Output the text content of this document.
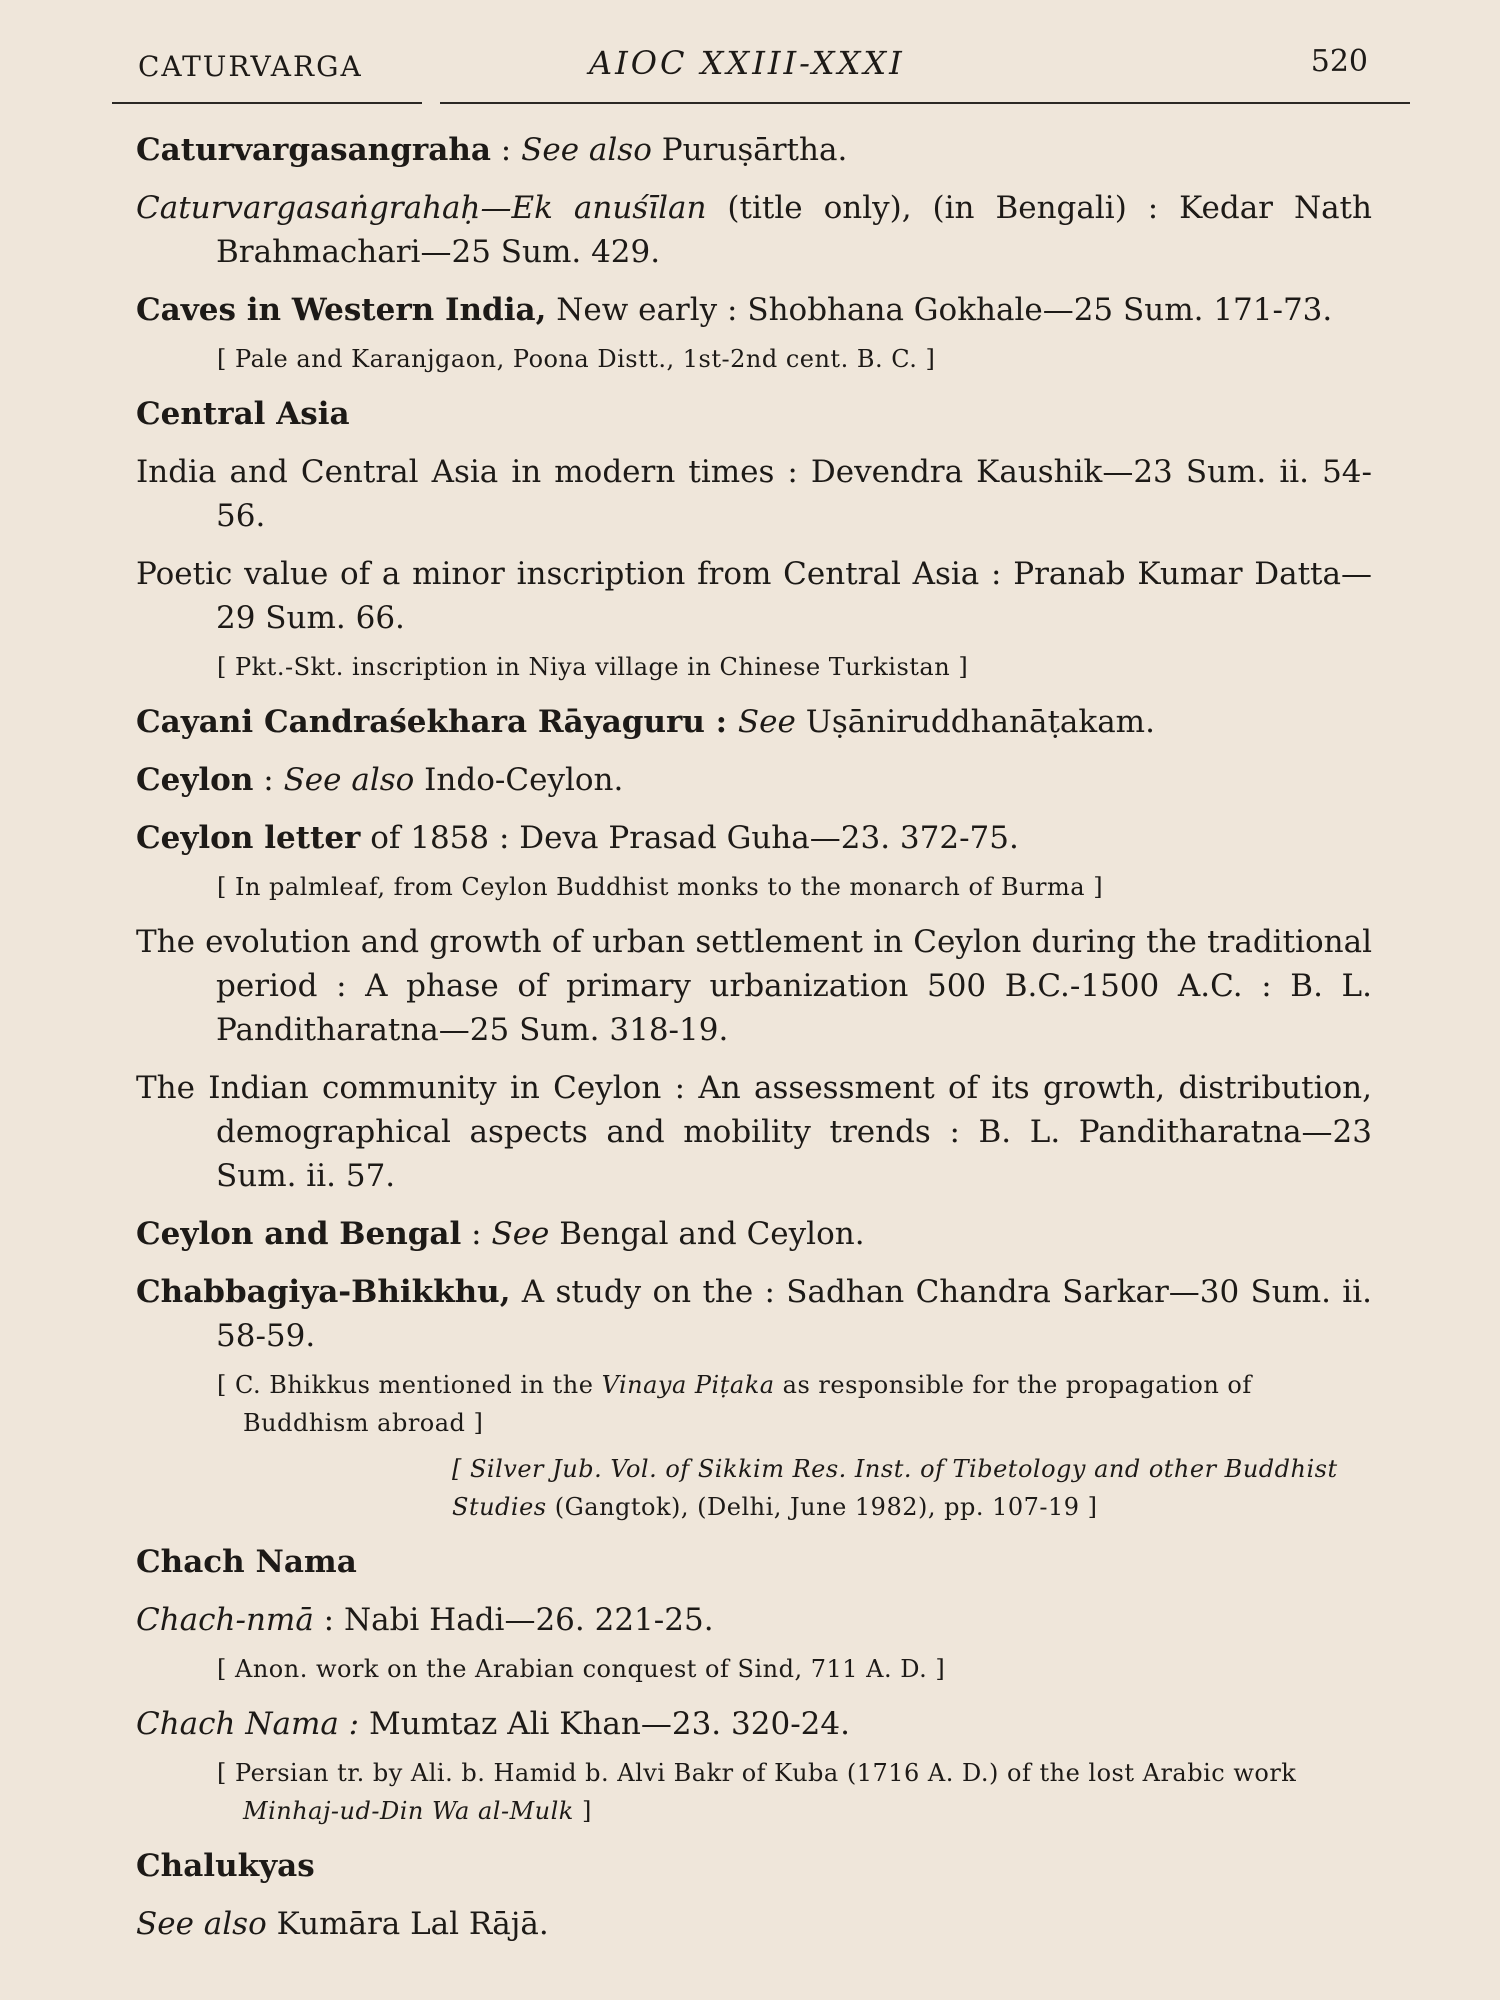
CATURVARGA	AIOC XXIII-XXXI	520
Caturvargasangraha : See also Puruṣārtha.
Caturvargasaṅgrahaḥ—Ek anuśīlan (title only), (in Bengali) : Kedar Nath Brahmachari—25 Sum. 429.
Caves in Western India, New early : Shobhana Gokhale—25 Sum. 171-73.
[ Pale and Karanjgaon, Poona Distt., 1st-2nd cent. B. C. ]
Central Asia
India and Central Asia in modern times : Devendra Kaushik—23 Sum. ii. 54-56.
Poetic value of a minor inscription from Central Asia : Pranab Kumar Datta—29 Sum. 66.
[ Pkt.-Skt. inscription in Niya village in Chinese Turkistan ]
Cayani Candraśekhara Rāyaguru : See Uṣāniruddhanāṭakam.
Ceylon : See also Indo-Ceylon.
Ceylon letter of 1858 : Deva Prasad Guha—23. 372-75.
[ In palmleaf, from Ceylon Buddhist monks to the monarch of Burma ]
The evolution and growth of urban settlement in Ceylon during the traditional period : A phase of primary urbanization 500 B.C.-1500 A.C. : B. L. Panditharatna—25 Sum. 318-19.
The Indian community in Ceylon : An assessment of its growth, distribution, demographical aspects and mobility trends : B. L. Panditharatna—23 Sum. ii. 57.
Ceylon and Bengal : See Bengal and Ceylon.
Chabbagiya-Bhikkhu, A study on the : Sadhan Chandra Sarkar—30 Sum. ii. 58-59.
[ C. Bhikkus mentioned in the Vinaya Piṭaka as responsible for the propagation of Buddhism abroad ]
[ Silver Jub. Vol. of Sikkim Res. Inst. of Tibetology and other Buddhist Studies (Gangtok), (Delhi, June 1982), pp. 107-19 ]
Chach Nama
Chach-nmā : Nabi Hadi—26. 221-25.
[ Anon. work on the Arabian conquest of Sind, 711 A. D. ]
Chach Nama : Mumtaz Ali Khan—23. 320-24.
[ Persian tr. by Ali. b. Hamid b. Alvi Bakr of Kuba (1716 A. D.) of the lost Arabic work Minhaj-ud-Din Wa al-Mulk ]
Chalukyas
See also Kumāra Lal Rājā.
